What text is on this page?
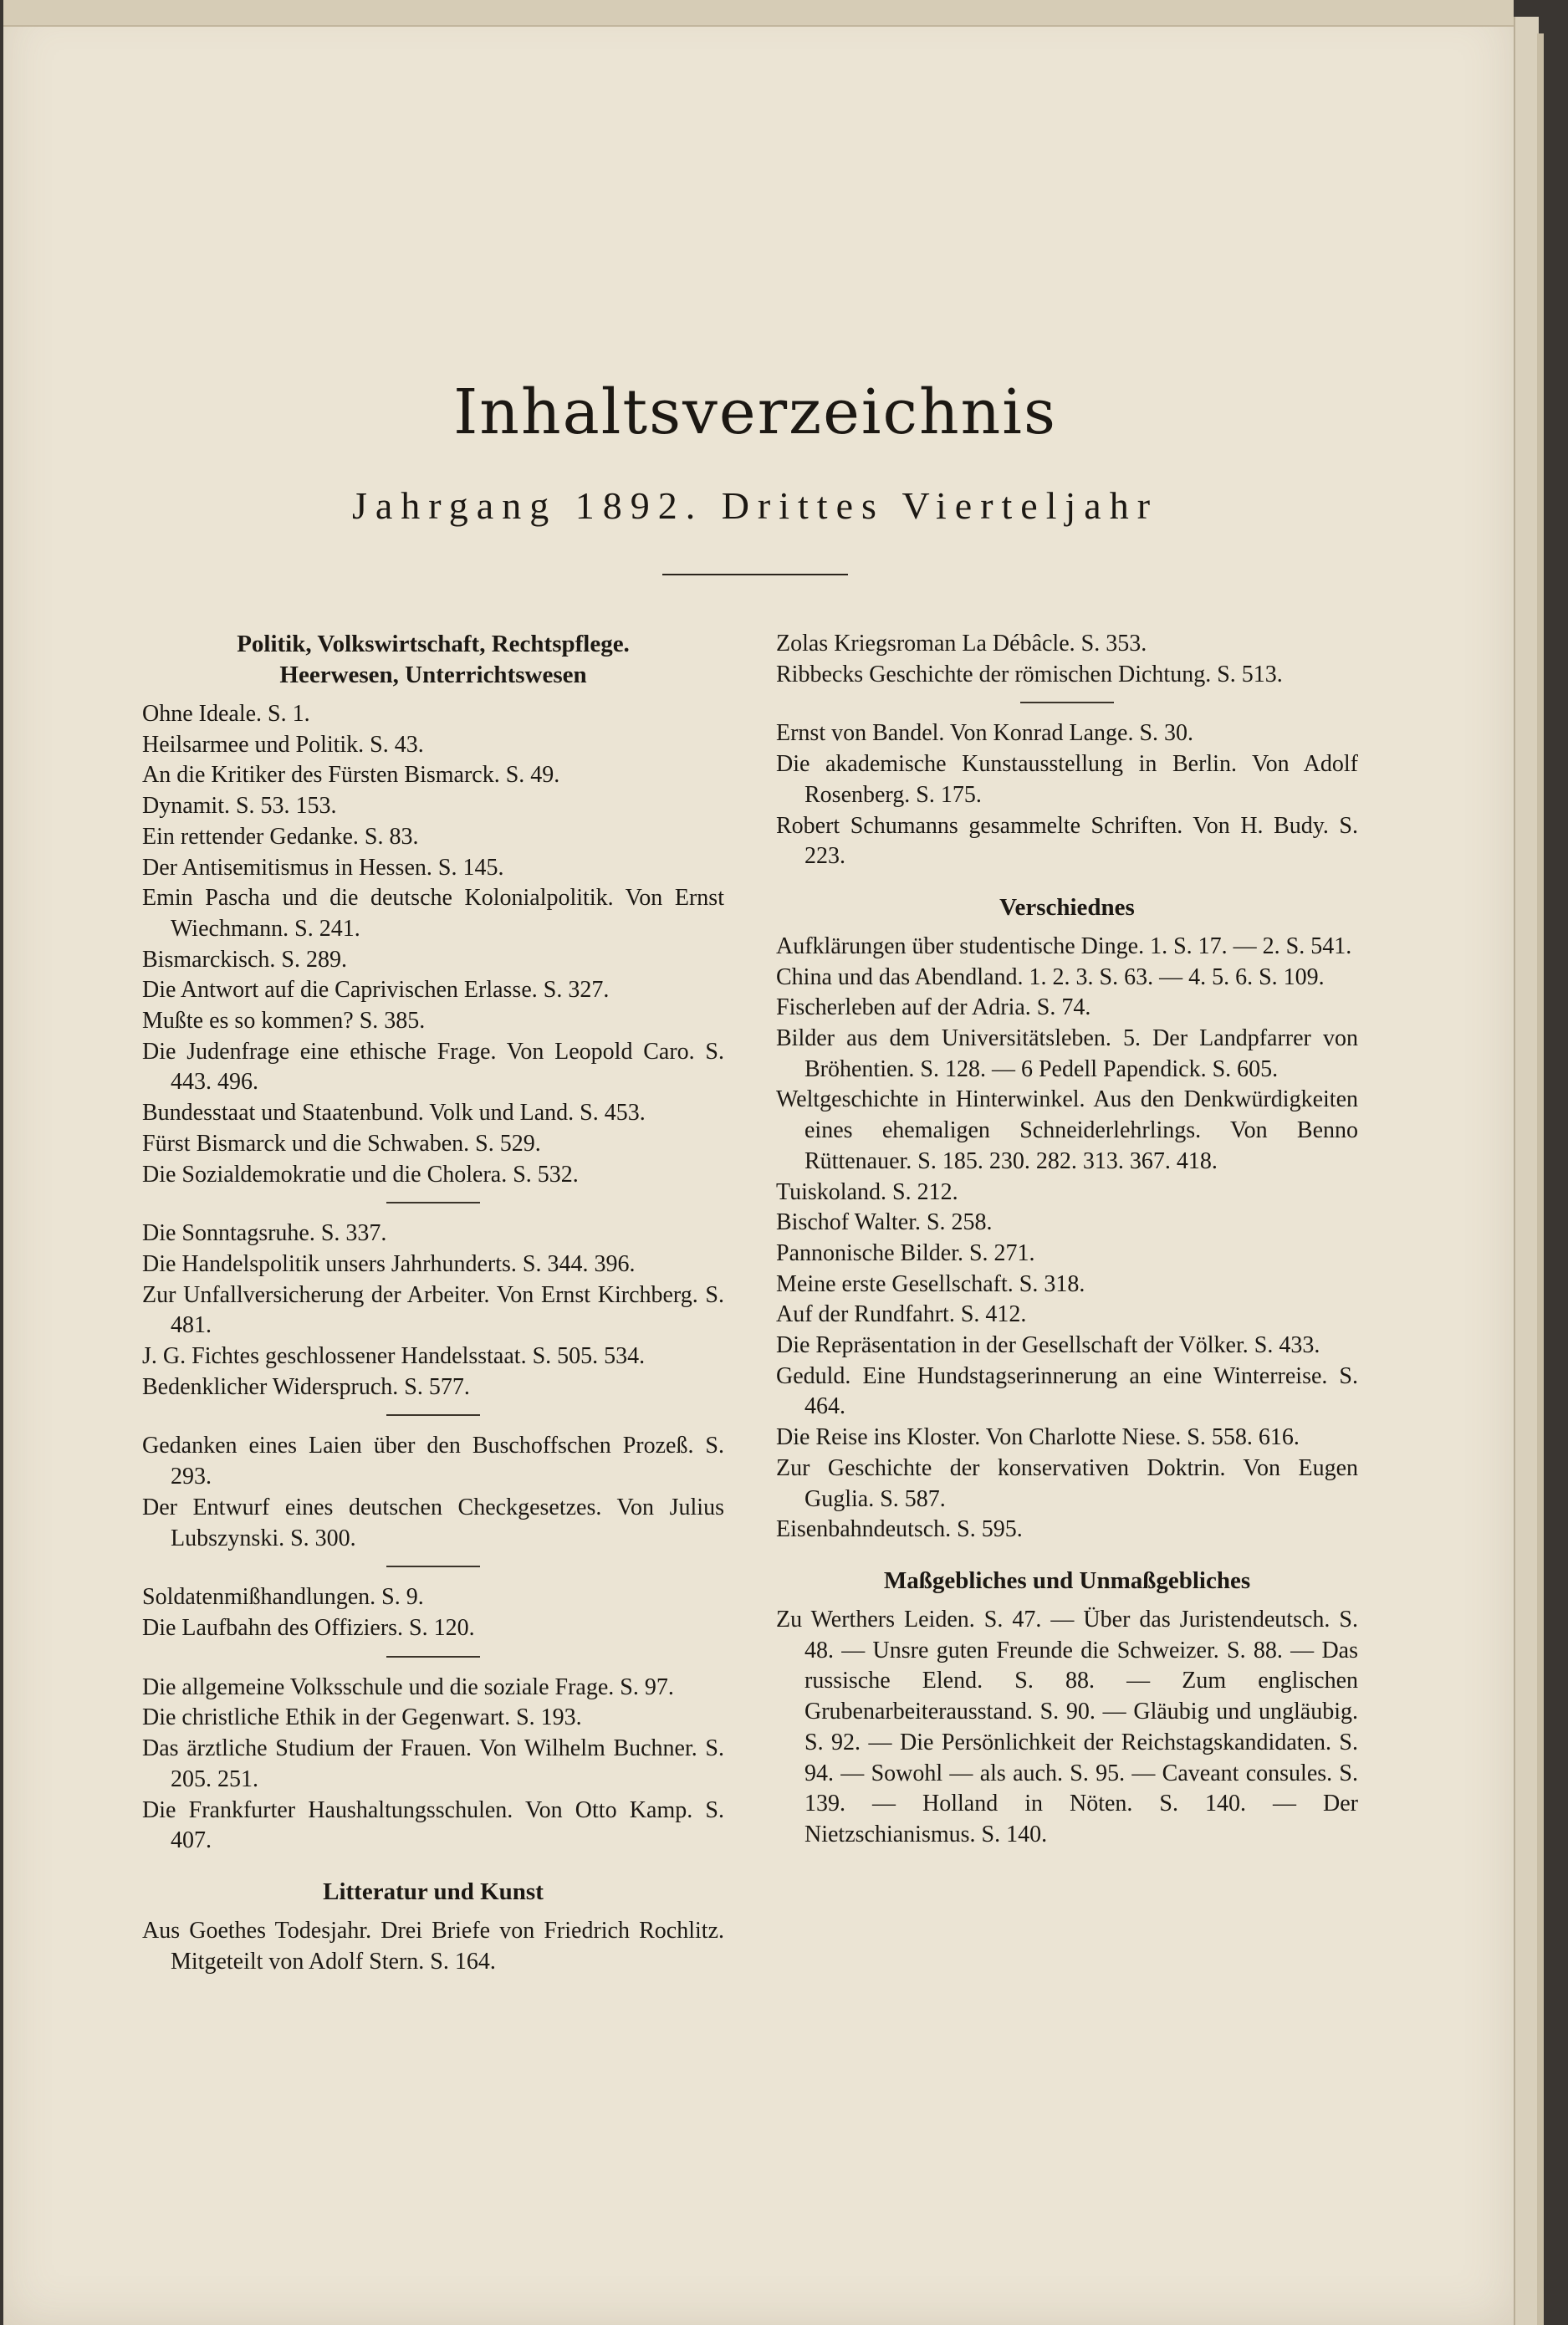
Inhaltsverzeichnis
Jahrgang 1892. Drittes Vierteljahr
Politik, Volkswirtschaft, Rechtspflege.
Heerwesen, Unterrichtswesen

Ohne Ideale. S. 1.

Heilsarmee und Politik. S. 43.

An die Kritiker des Fürsten Bismarck. S. 49.

Dynamit. S. 53. 153.

Ein rettender Gedanke. S. 83.

Der Antisemitismus in Hessen. S. 145.

Emin Pascha und die deutsche Kolonialpolitik. Von Ernst Wiechmann. S. 241.

Bismarckisch. S. 289.

Die Antwort auf die Caprivischen Erlasse. S. 327.

Mußte es so kommen? S. 385.

Die Judenfrage eine ethische Frage. Von Leopold Caro. S. 443. 496.

Bundesstaat und Staatenbund. Volk und Land. S. 453.

Fürst Bismarck und die Schwaben. S. 529.

Die Sozialdemokratie und die Cholera. S. 532.

Die Sonntagsruhe. S. 337.

Die Handelspolitik unsers Jahrhunderts. S. 344. 396.

Zur Unfallversicherung der Arbeiter. Von Ernst Kirchberg. S. 481.

J. G. Fichtes geschlossener Handelsstaat. S. 505. 534.

Bedenklicher Widerspruch. S. 577.

Gedanken eines Laien über den Buschoffschen Prozeß. S. 293.

Der Entwurf eines deutschen Checkgesetzes. Von Julius Lubszynski. S. 300.

Soldatenmißhandlungen. S. 9.

Die Laufbahn des Offiziers. S. 120.

Die allgemeine Volksschule und die soziale Frage. S. 97.

Die christliche Ethik in der Gegenwart. S. 193.

Das ärztliche Studium der Frauen. Von Wilhelm Buchner. S. 205. 251.

Die Frankfurter Haushaltungsschulen. Von Otto Kamp. S. 407.

Litteratur und Kunst

Aus Goethes Todesjahr. Drei Briefe von Friedrich Rochlitz. Mitgeteilt von Adolf Stern. S. 164.

Zolas Kriegsroman La Débâcle. S. 353.

Ribbecks Geschichte der römischen Dichtung. S. 513.

Ernst von Bandel. Von Konrad Lange. S. 30.

Die akademische Kunstausstellung in Berlin. Von Adolf Rosenberg. S. 175.

Robert Schumanns gesammelte Schriften. Von H. Budy. S. 223.

Verschiednes

Aufklärungen über studentische Dinge. 1. S. 17. — 2. S. 541.

China und das Abendland. 1. 2. 3. S. 63. — 4. 5. 6. S. 109.

Fischerleben auf der Adria. S. 74.

Bilder aus dem Universitätsleben. 5. Der Landpfarrer von Bröhentien. S. 128. — 6 Pedell Papendick. S. 605.

Weltgeschichte in Hinterwinkel. Aus den Denkwürdigkeiten eines ehemaligen Schneiderlehrlings. Von Benno Rüttenauer. S. 185. 230. 282. 313. 367. 418.

Tuiskoland. S. 212.

Bischof Walter. S. 258.

Pannonische Bilder. S. 271.

Meine erste Gesellschaft. S. 318.

Auf der Rundfahrt. S. 412.

Die Repräsentation in der Gesellschaft der Völker. S. 433.

Geduld. Eine Hundstagserinnerung an eine Winterreise. S. 464.

Die Reise ins Kloster. Von Charlotte Niese. S. 558. 616.

Zur Geschichte der konservativen Doktrin. Von Eugen Guglia. S. 587.

Eisenbahndeutsch. S. 595.

Maßgebliches und Unmaßgebliches

Zu Werthers Leiden. S. 47. — Über das Juristendeutsch. S. 48. — Unsre guten Freunde die Schweizer. S. 88. — Das russische Elend. S. 88. — Zum englischen Grubenarbeiterausstand. S. 90. — Gläubig und ungläubig. S. 92. — Die Persönlichkeit der Reichstagskandidaten. S. 94. — Sowohl — als auch. S. 95. — Caveant consules. S. 139. — Holland in Nöten. S. 140. — Der Nietzschianismus. S. 140.
